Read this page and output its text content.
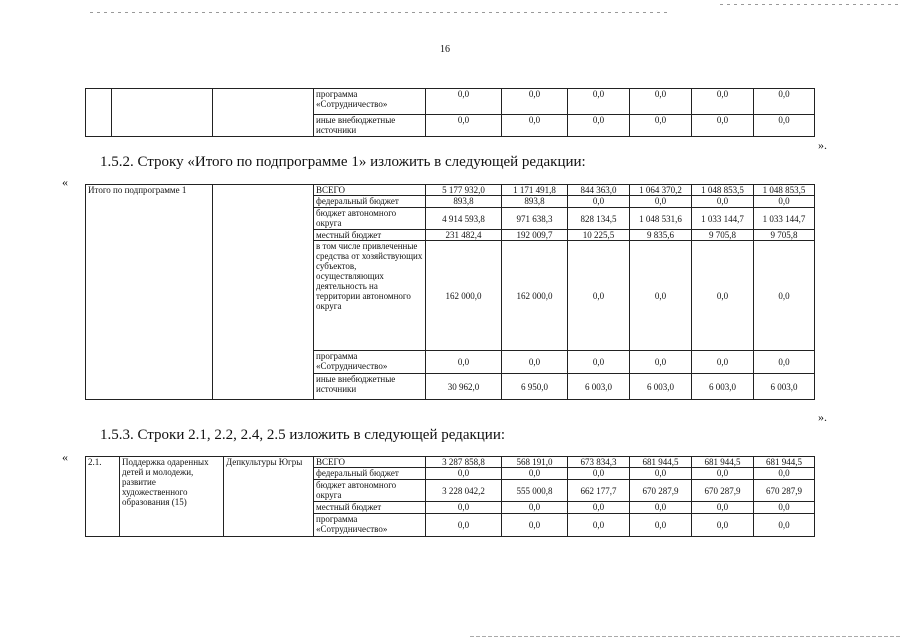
16
			программа «Сотрудничество»	0,0	0,0	0,0	0,0	0,0	0,0
			иные внебюджетные источники	0,0	0,0	0,0	0,0	0,0	0,0
».
1.5.2. Строку «Итого по подпрограмме 1» изложить в следующей редакции:
«
Итого по подпрограмме 1		ВСЕГО	5 177 932,0	1 171 491,8	844 363,0	1 064 370,2	1 048 853,5	1 048 853,5
		федеральный бюджет	893,8	893,8	0,0	0,0	0,0	0,0
		бюджет автономного округа	4 914 593,8	971 638,3	828 134,5	1 048 531,6	1 033 144,7	1 033 144,7
		местный бюджет	231 482,4	192 009,7	10 225,5	9 835,6	9 705,8	9 705,8
		в том числе привлеченные средства от хозяйствующих субъектов, осуществляющих деятельность на территории автономного округа	162 000,0	162 000,0	0,0	0,0	0,0	0,0
		программа «Сотрудничество»	0,0	0,0	0,0	0,0	0,0	0,0
		иные внебюджетные источники	30 962,0	6 950,0	6 003,0	6 003,0	6 003,0	6 003,0
».
1.5.3. Строки 2.1, 2.2, 2.4, 2.5 изложить в следующей редакции:
« 2.1.	Поддержка одаренных детей и молодежи, развитие художественного образования (15)	Депкультуры Югры	ВСЕГО	3 287 858,8	568 191,0	673 834,3	681 944,5	681 944,5	681 944,5
			федеральный бюджет	0,0	0,0	0,0	0,0	0,0	0,0
			бюджет автономного округа	3 228 042,2	555 000,8	662 177,7	670 287,9	670 287,9	670 287,9
			местный бюджет	0,0	0,0	0,0	0,0	0,0	0,0
			программа «Сотрудничество»	0,0	0,0	0,0	0,0	0,0	0,0
